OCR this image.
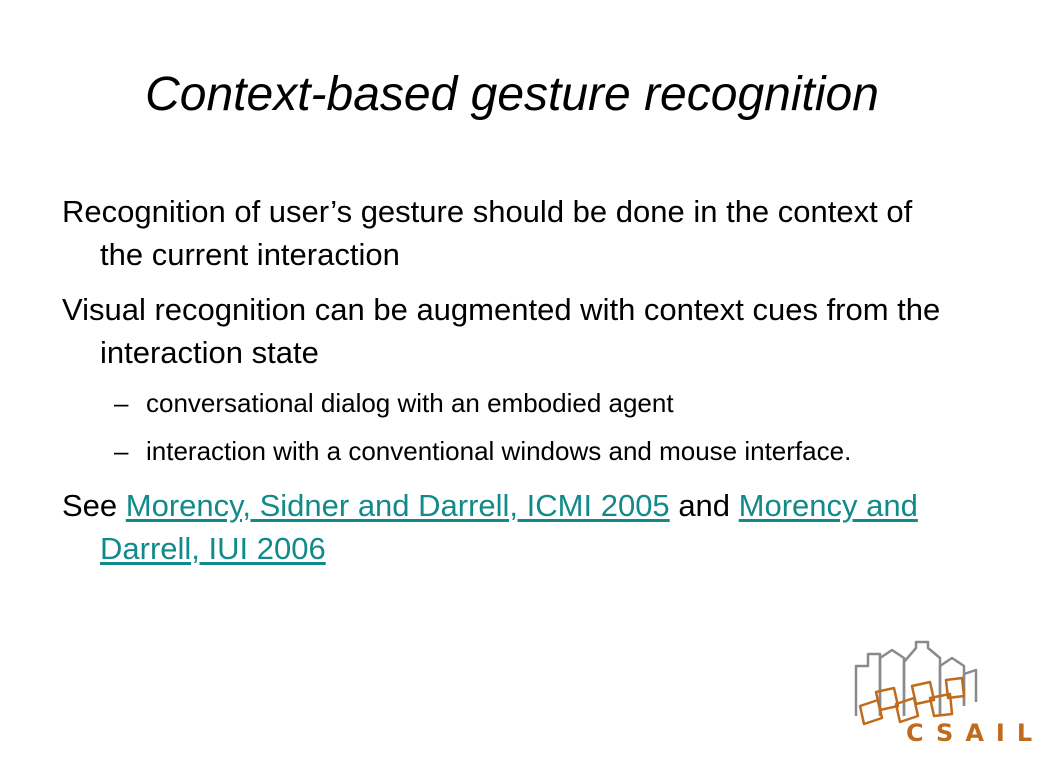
Context-based gesture recognition

Recognition of user’s gesture should be done in the context of the current interaction

Visual recognition can be augmented with context cues from the interaction state

– conversational dialog with an embodied agent
– interaction with a conventional windows and mouse interface.

See Morency, Sidner and Darrell, ICMI 2005 and Morency and Darrell, IUI 2006

CSAIL
